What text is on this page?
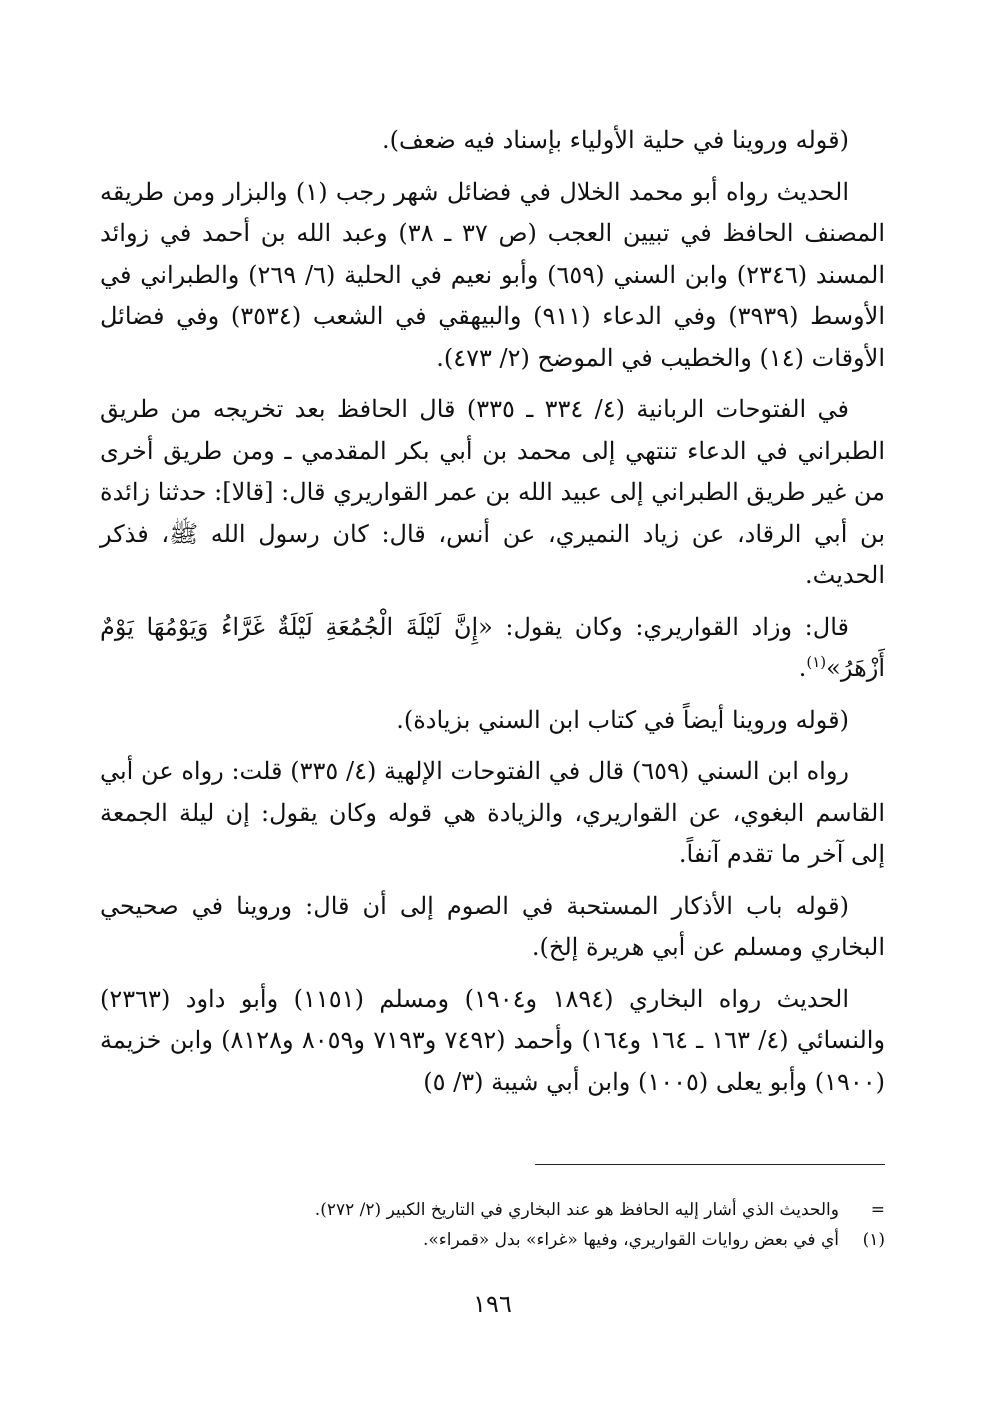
(قوله وروينا في حلية الأولياء بإسناد فيه ضعف).

الحديث رواه أبو محمد الخلال في فضائل شهر رجب (١) والبزار ومن طريقه المصنف الحافظ في تبيين العجب (ص ٣٧ ـ ٣٨) وعبد الله بن أحمد في زوائد المسند (٢٣٤٦) وابن السني (٦٥٩) وأبو نعيم في الحلية (٦/ ٢٦٩) والطبراني في الأوسط (٣٩٣٩) وفي الدعاء (٩١١) والبيهقي في الشعب (٣٥٣٤) وفي فضائل الأوقات (١٤) والخطيب في الموضح (٢/ ٤٧٣).

في الفتوحات الربانية (٤/ ٣٣٤ ـ ٣٣٥) قال الحافظ بعد تخريجه من طريق الطبراني في الدعاء تنتهي إلى محمد بن أبي بكر المقدمي ـ ومن طريق أخرى من غير طريق الطبراني إلى عبيد الله بن عمر القواريري قال: [قالا]: حدثنا زائدة بن أبي الرقاد، عن زياد النميري، عن أنس، قال: كان رسول الله ﷺ، فذكر الحديث.

قال: وزاد القواريري: وكان يقول: «إِنَّ لَيْلَةَ الْجُمُعَةِ لَيْلَةٌ غَرَّاءُ وَيَوْمُهَا يَوْمٌ أَزْهَرُ»$^{(١)}$.

(قوله وروينا أيضاً في كتاب ابن السني بزيادة).

رواه ابن السني (٦٥٩) قال في الفتوحات الإلهية (٤/ ٣٣٥) قلت: رواه عن أبي القاسم البغوي، عن القواريري، والزيادة هي قوله وكان يقول: إن ليلة الجمعة إلى آخر ما تقدم آنفاً.

(قوله باب الأذكار المستحبة في الصوم إلى أن قال: وروينا في صحيحي البخاري ومسلم عن أبي هريرة إلخ).

الحديث رواه البخاري (١٨٩٤ و١٩٠٤) ومسلم (١١٥١) وأبو داود (٢٣٦٣) والنسائي (٤/ ١٦٣ ـ ١٦٤ و١٦٤) وأحمد (٧٤٩٢ و٧١٩٣ و٨٠٥٩ و٨١٢٨) وابن خزيمة (١٩٠٠) وأبو يعلى (١٠٠٥) وابن أبي شيبة (٣/ ٥)

=
والحديث الذي أشار إليه الحافظ هو عند البخاري في التاريخ الكبير (٢/ ٢٧٢).
(١)
أي في بعض روايات القواريري، وفيها «غراء» بدل «قمراء».
١٩٦
